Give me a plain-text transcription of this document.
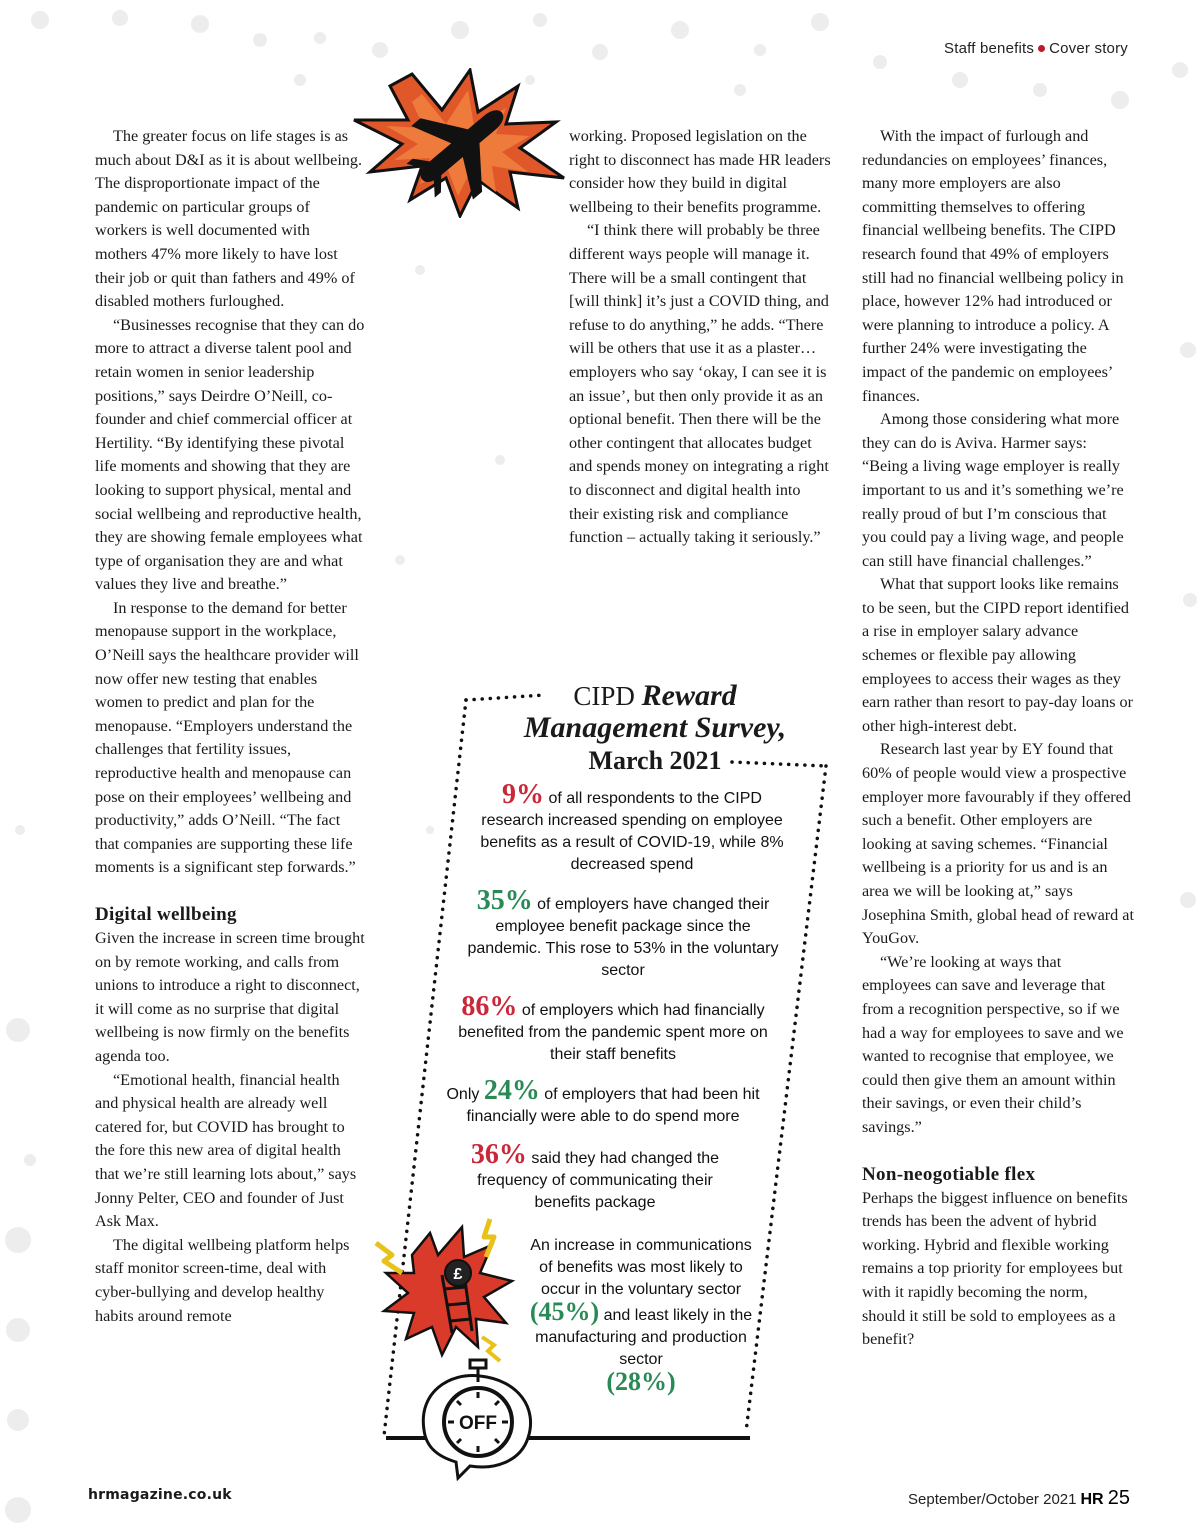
Staff benefits Cover story

The greater focus on life stages is as much about D&I as it is about wellbeing. The disproportionate impact of the pandemic on particular groups of workers is well documented with mothers 47% more likely to have lost their job or quit than fathers and 49% of disabled mothers furloughed.

“Businesses recognise that they can do more to attract a diverse talent pool and retain women in senior leadership positions,” says Deirdre O’Neill, co-founder and chief commercial officer at Hertility. “By identifying these pivotal life moments and showing that they are looking to support physical, mental and social wellbeing and reproductive health, they are showing female employees what type of organisation they are and what values they live and breathe.”

In response to the demand for better menopause support in the workplace, O’Neill says the healthcare provider will now offer new testing that enables women to predict and plan for the menopause. “Employers understand the challenges that fertility issues, reproductive health and menopause can pose on their employees’ wellbeing and productivity,” adds O’Neill. “The fact that companies are supporting these life moments is a significant step forwards.”

Digital wellbeing

Given the increase in screen time brought on by remote working, and calls from unions to introduce a right to disconnect, it will come as no surprise that digital wellbeing is now firmly on the benefits agenda too.

“Emotional health, financial health and physical health are already well catered for, but COVID has brought to the fore this new area of digital health that we’re still learning lots about,” says Jonny Pelter, CEO and founder of Just Ask Max.

The digital wellbeing platform helps staff monitor screen-time, deal with cyber-bullying and develop healthy habits around remote

working. Proposed legislation on the right to disconnect has made HR leaders consider how they build in digital wellbeing to their benefits programme.

“I think there will probably be three different ways people will manage it. There will be a small contingent that [will think] it’s just a COVID thing, and refuse to do anything,” he adds. “There will be others that use it as a plaster… employers who say ‘okay, I can see it is an issue’, but then only provide it as an optional benefit. Then there will be the other contingent that allocates budget and spends money on integrating a right to disconnect and digital health into their existing risk and compliance function – actually taking it seriously.”

With the impact of furlough and redundancies on employees’ finances, many more employers are also committing themselves to offering financial wellbeing benefits. The CIPD research found that 49% of employers still had no financial wellbeing policy in place, however 12% had introduced or were planning to introduce a policy. A further 24% were investigating the impact of the pandemic on employees’ finances.

Among those considering what more they can do is Aviva. Harmer says: “Being a living wage employer is really important to us and it’s something we’re really proud of but I’m conscious that you could pay a living wage, and people can still have financial challenges.”

What that support looks like remains to be seen, but the CIPD report identified a rise in employer salary advance schemes or flexible pay allowing employees to access their wages as they earn rather than resort to pay-day loans or other high-interest debt.

Research last year by EY found that 60% of people would view a prospective employer more favourably if they offered such a benefit. Other employers are looking at saving schemes. “Financial wellbeing is a priority for us and is an area we will be looking at,” says Josephina Smith, global head of reward at YouGov.

“We’re looking at ways that employees can save and leverage that from a recognition perspective, so if we had a way for employees to save and we wanted to recognise that employee, we could then give them an amount within their savings, or even their child’s savings.”

Non-neogotiable flex

Perhaps the biggest influence on benefits trends has been the advent of hybrid working. Hybrid and flexible working remains a top priority for employees but with it rapidly becoming the norm, should it still be sold to employees as a benefit?

CIPD Reward
Management Survey,
March 2021
9% of all respondents to the CIPD research increased spending on employee benefits as a result of COVID-19, while 8% decreased spend
35% of employers have changed their employee benefit package since the pandemic. This rose to 53% in the voluntary sector
86% of employers which had financially benefited from the pandemic spent more on their staff benefits
Only 24% of employers that had been hit financially were able to do spend more
36% said they had changed the frequency of communicating their benefits package
An increase in communications of benefits was most likely to occur in the voluntary sector
(45%) and least likely in the manufacturing and production sector
(28%)
£
OFF
hrmagazine.co.uk	September/October 2021 HR 25
